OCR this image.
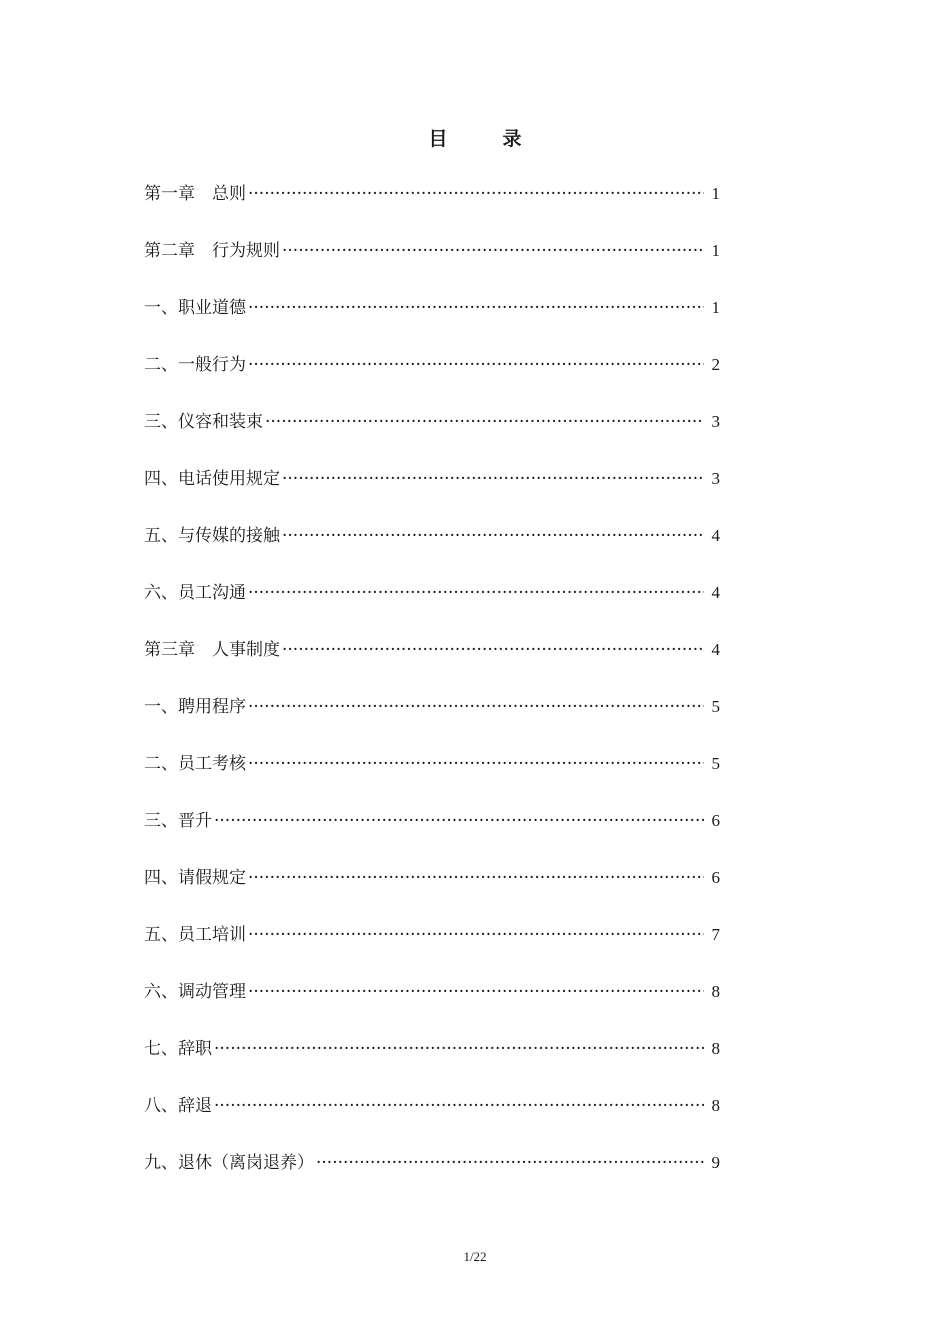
目　录
第一章　总则 ·····	1
第二章　行为规则 ·····	1
一、职业道德 ·····	1
二、一般行为 ·····	2
三、仪容和装束 ·····	3
四、电话使用规定 ·····	3
五、与传媒的接触 ·····	4
六、员工沟通 ·····	4
第三章　人事制度 ·····	4
一、聘用程序 ·····	5
二、员工考核 ·····	5
三、晋升 ·····	6
四、请假规定 ·····	6
五、员工培训 ·····	7
六、调动管理 ·····	8
七、辞职 ·····	8
八、辞退 ·····	8
九、退休（离岗退养） ·····	9
1/22
